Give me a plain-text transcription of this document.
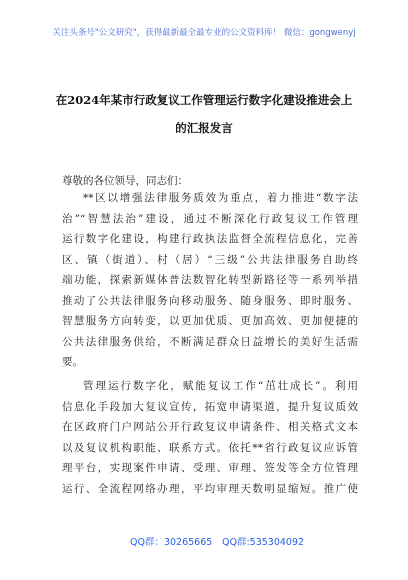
关注头条号"公文研究"，获得最新最全最专业的公文资料库！ 微信：gongwenyj
在2024年某市行政复议工作管理运行数字化建设推进会上
的汇报发言
尊敬的各位领导，同志们：
**区以增强法律服务质效为重点，着力推进“数字法
治”“智慧法治”建设，通过不断深化行政复议工作管理
运行数字化建设，构建行政执法监督全流程信息化，完善
区、镇（街道）、村（居）“三级”公共法律服务自助终
端功能，探索新媒体普法数智化转型新路径等一系列举措
推动了公共法律服务向移动服务、随身服务、即时服务、
智慧服务方向转变，以更加优质、更加高效、更加便捷的
公共法律服务供给，不断满足群众日益增长的美好生活需
要。
管理运行数字化，赋能复议工作“茁壮成长”。利用
信息化手段加大复议宣传，拓宽申请渠道，提升复议质效
在区政府门户网站公开行政复议申请条件、相关格式文本
以及复议机构职能、联系方式。依托**省行政复议应诉管
理平台，实现案件申请、受理、审理、签发等全方位管理
运行、全流程网络办理，平均审理天数明显缩短。推广使
QQ群：30265665 QQ群:535304092
